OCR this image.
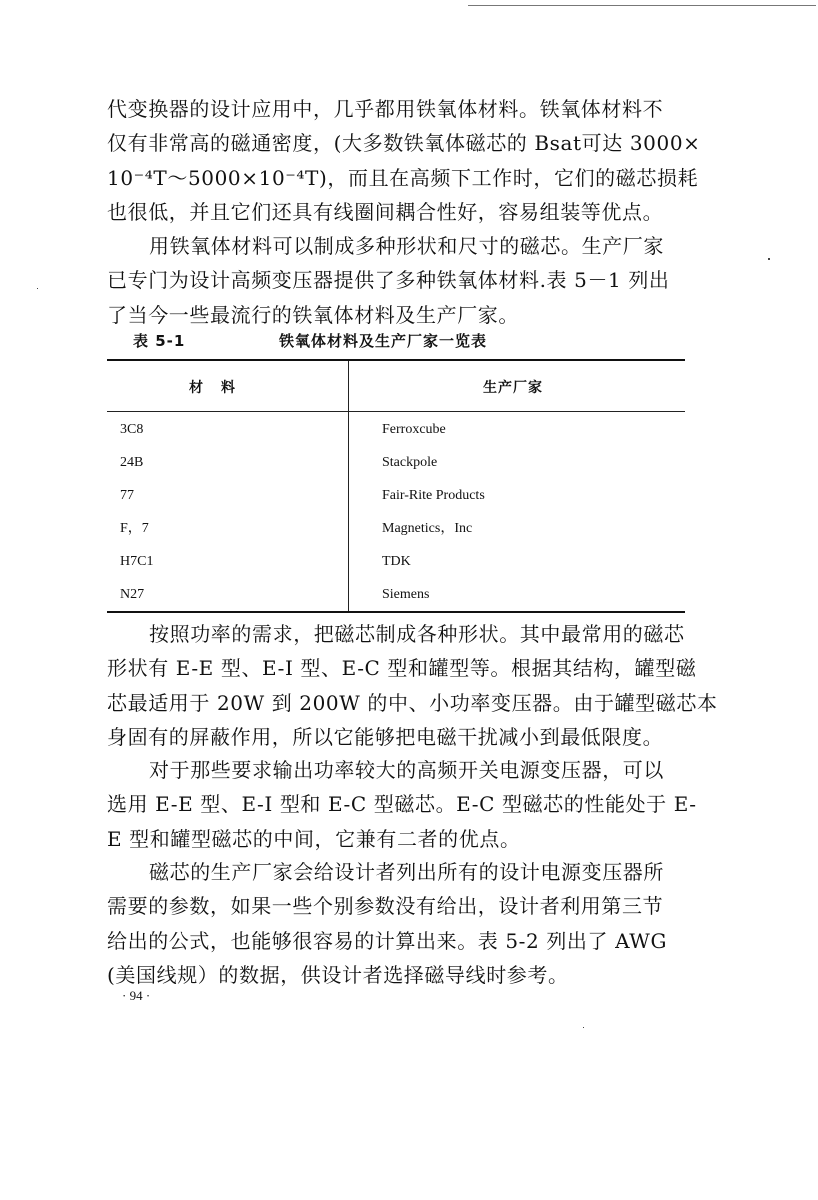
代变换器的设计应用中，几乎都用铁氧体材料。铁氧体材料不
仅有非常高的磁通密度，(大多数铁氧体磁芯的 Bsat可达 3000×
10⁻⁴T～5000×10⁻⁴T)，而且在高频下工作时，它们的磁芯损耗
也很低，并且它们还具有线圈间耦合性好，容易组装等优点。
用铁氧体材料可以制成多种形状和尺寸的磁芯。生产厂家
已专门为设计高频变压器提供了多种铁氧体材料.表 5－1 列出
了当今一些最流行的铁氧体材料及生产厂家。
表 5-1	铁氧体材料及生产厂家一览表
材料	生产厂家
3C8	Ferroxcube
24B	Stackpole
77	Fair-Rite Products
F，7	Magnetics，Inc
H7C1	TDK
N27	Siemens
按照功率的需求，把磁芯制成各种形状。其中最常用的磁芯
形状有 E-E 型、E-I 型、E-C 型和罐型等。根据其结构，罐型磁
芯最适用于 20W 到 200W 的中、小功率变压器。由于罐型磁芯本
身固有的屏蔽作用，所以它能够把电磁干扰减小到最低限度。
对于那些要求输出功率较大的高频开关电源变压器，可以
选用 E-E 型、E-I 型和 E-C 型磁芯。E-C 型磁芯的性能处于 E-
E 型和罐型磁芯的中间，它兼有二者的优点。
磁芯的生产厂家会给设计者列出所有的设计电源变压器所
需要的参数，如果一些个别参数没有给出，设计者利用第三节
给出的公式，也能够很容易的计算出来。表 5-2 列出了 AWG
(美国线规）的数据，供设计者选择磁导线时参考。
· 94 ·
